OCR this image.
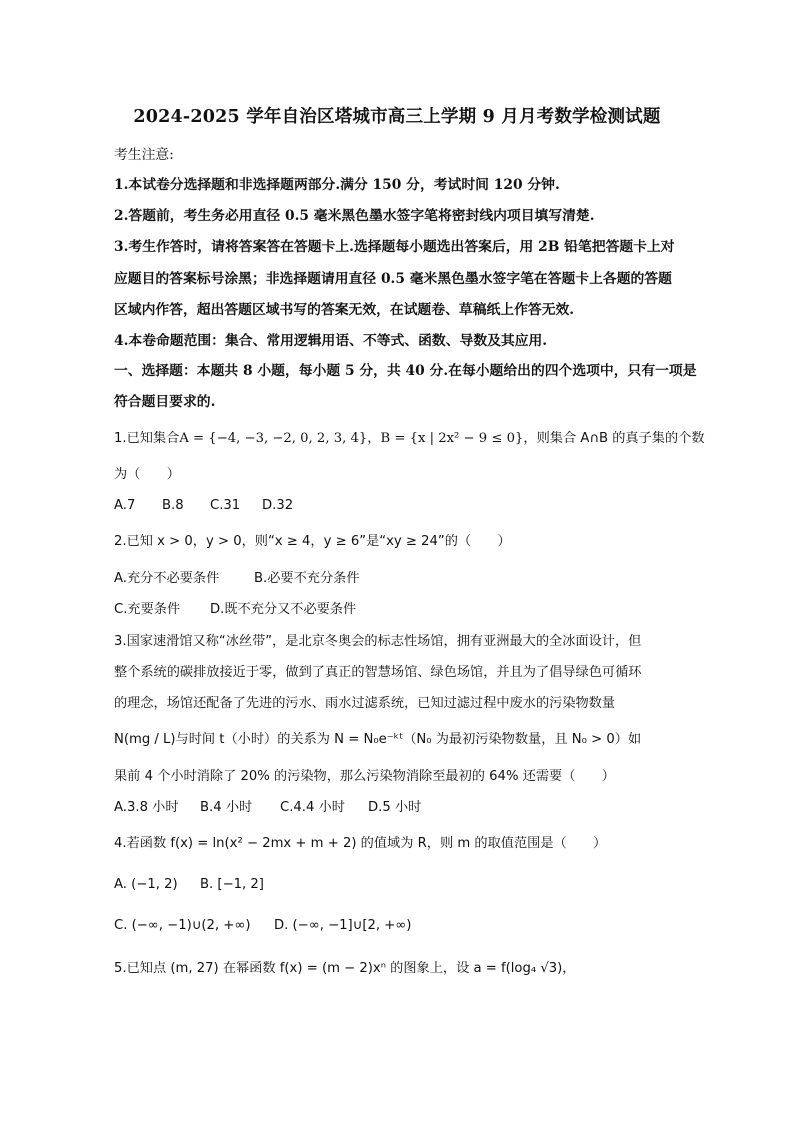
2024-2025 学年自治区塔城市高三上学期 9 月月考数学检测试题
考生注意:
1.本试卷分选择题和非选择题两部分.满分 150 分，考试时间 120 分钟.
2.答题前，考生务必用直径 0.5 毫米黑色墨水签字笔将密封线内项目填写清楚.
3.考生作答时，请将答案答在答题卡上.选择题每小题选出答案后，用 2B 铅笔把答题卡上对
应题目的答案标号涂黑；非选择题请用直径 0.5 毫米黑色墨水签字笔在答题卡上各题的答题
区域内作答，超出答题区域书写的答案无效，在试题卷、草稿纸上作答无效.
4.本卷命题范围：集合、常用逻辑用语、不等式、函数、导数及其应用.
一、选择题：本题共 8 小题，每小题 5 分，共 40 分.在每小题给出的四个选项中，只有一项是
符合题目要求的.
1.已知集合A = {−4, −3, −2, 0, 2, 3, 4}，B = {x | 2x² − 9 ≤ 0}，则集合 A∩B 的真子集的个数
为（　　）
A.7 B.8 C.31 D.32
2.已知 x > 0，y > 0，则“x ≥ 4，y ≥ 6”是“xy ≥ 24”的（　　）
A.充分不必要条件	B.必要不充分条件
C.充要条件 D.既不充分又不必要条件
3.国家速滑馆又称“冰丝带”，是北京冬奥会的标志性场馆，拥有亚洲最大的全冰面设计，但
整个系统的碳排放接近于零，做到了真正的智慧场馆、绿色场馆，并且为了倡导绿色可循环
的理念，场馆还配备了先进的污水、雨水过滤系统，已知过滤过程中废水的污染物数量
N(mg / L)与时间 t（小时）的关系为 N = N₀e⁻ᵏᵗ（N₀ 为最初污染物数量，且 N₀ > 0）如
果前 4 个小时消除了 20% 的污染物，那么污染物消除至最初的 64% 还需要（　　）
A.3.8 小时 B.4 小时 C.4.4 小时 D.5 小时
4.若函数 f(x) = ln(x² − 2mx + m + 2) 的值域为 R，则 m 的取值范围是（　　）
A. (−1, 2) B. [−1, 2]
C. (−∞, −1)∪(2, +∞) D. (−∞, −1]∪[2, +∞)
5.已知点 (m, 27) 在幂函数 f(x) = (m − 2)xⁿ 的图象上，设 a = f(log₄ √3)，
